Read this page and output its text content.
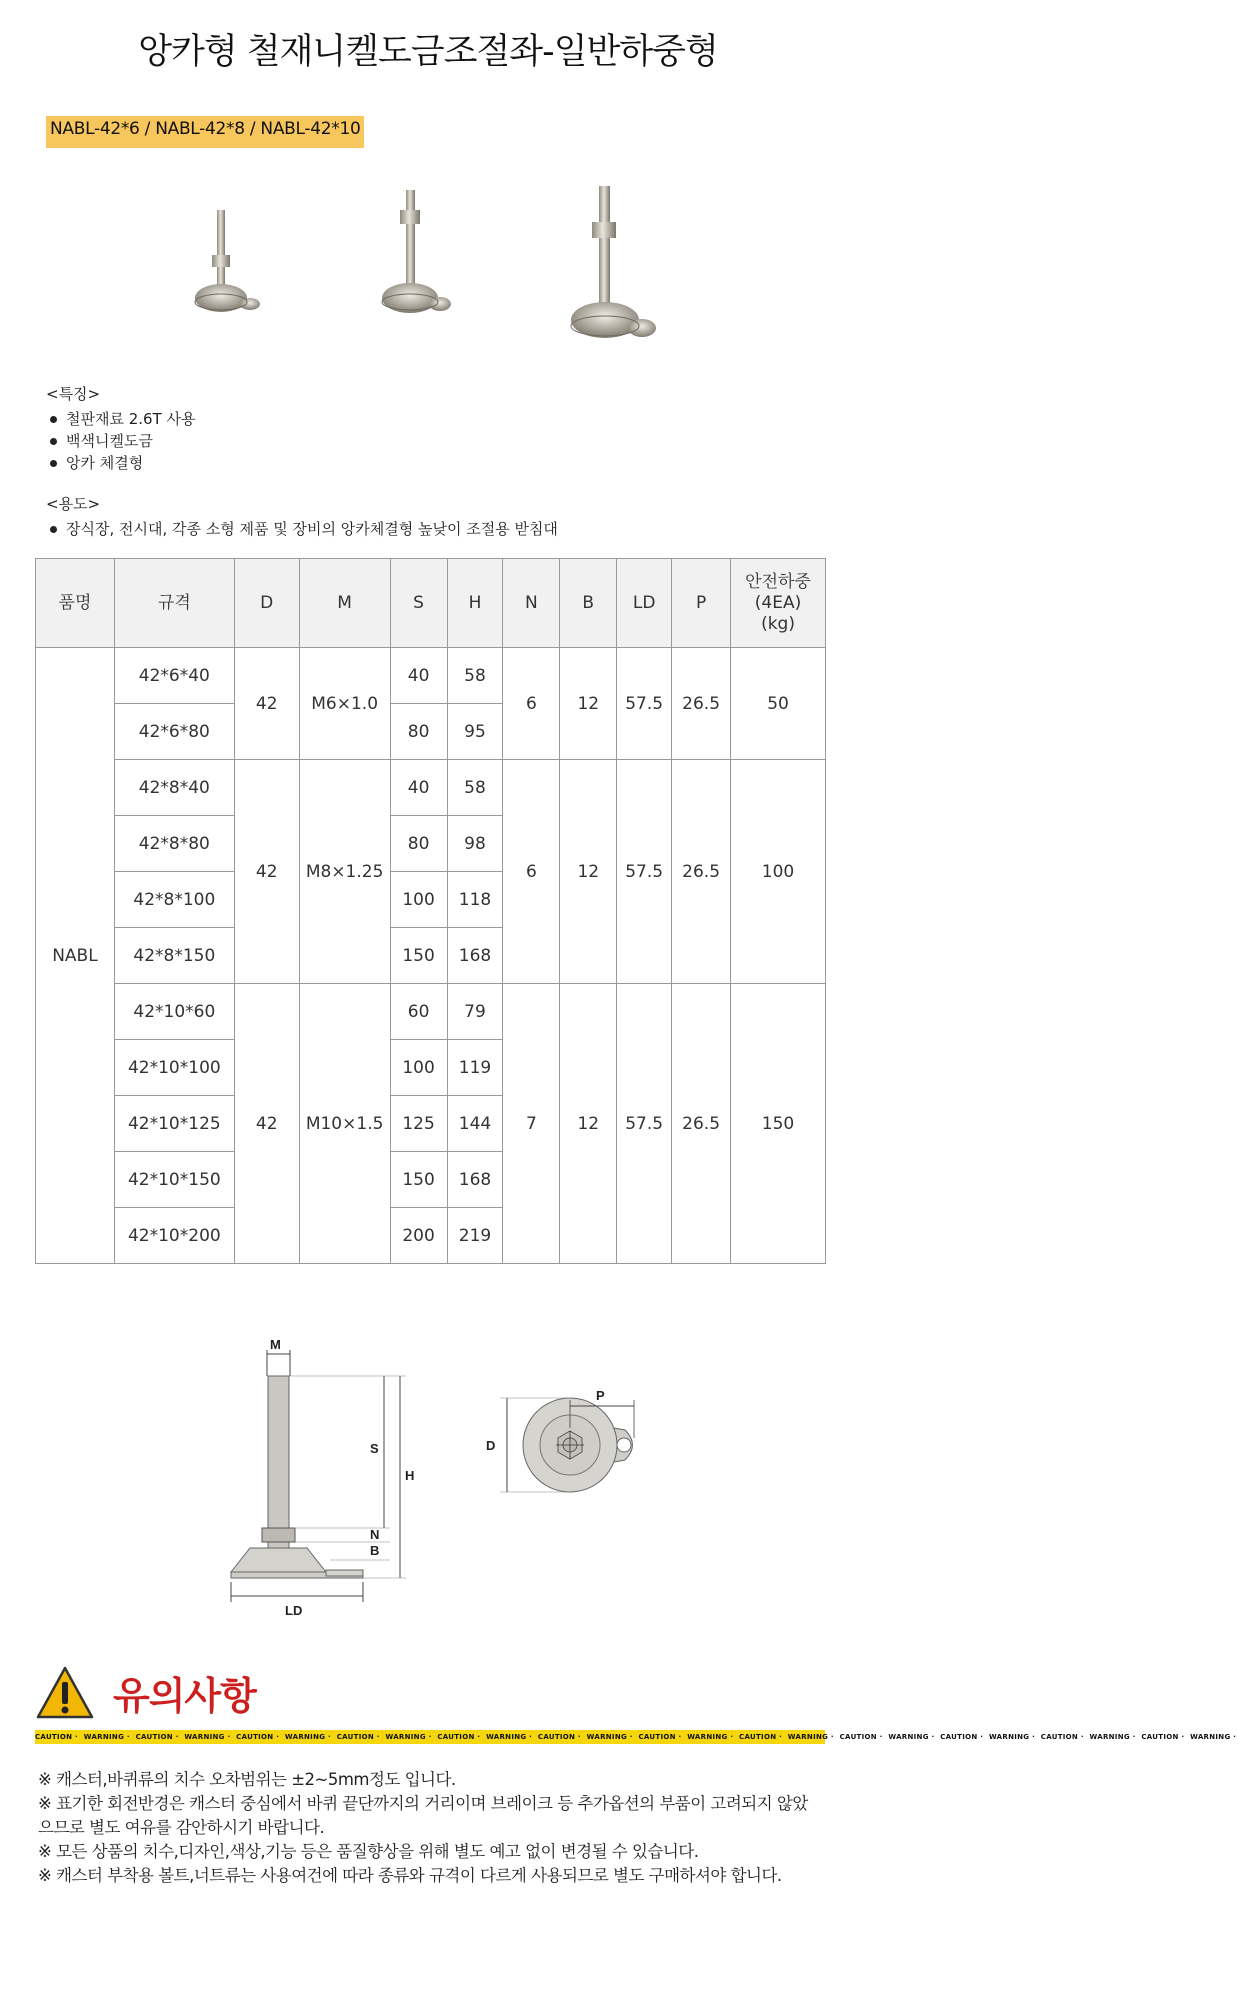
앙카형 철재니켈도금조절좌-일반하중형
NABL-42*6 / NABL-42*8 / NABL-42*10
<특징>
철판재료 2.6T 사용
백색니켈도금
앙카 체결형
<용도>
장식장, 전시대, 각종 소형 제품 및 장비의 앙카체결형 높낮이 조절용 받침대
품명	규격	D	M	S	H	N	B	LD	P	안전하중
(4EA)
(kg)
NABL	42*6*40	42	M6×1.0	40	58	6	12	57.5	26.5	50
	42*6*80			80	95					
	42*8*40	42	M8×1.25	40	58	6	12	57.5	26.5	100
	42*8*80			80	98					
	42*8*100			100	118					
	42*8*150			150	168					
	42*10*60	42	M10×1.5	60	79	7	12	57.5	26.5	150
	42*10*100			100	119					
	42*10*125			125	144					
	42*10*150			150	168					
	42*10*200			200	219					
M
S
H
N
B
LD
P
D
유의사항
CAUTION · WARNING · CAUTION · WARNING · CAUTION · WARNING · CAUTION · WARNING · CAUTION · WARNING · CAUTION · WARNING · CAUTION · WARNING · CAUTION · WARNING · CAUTION · WARNING · CAUTION · WARNING · CAUTION · WARNING · CAUTION · WARNING ·

※ 캐스터,바퀴류의 치수 오차범위는 ±2~5mm정도 입니다.

※ 표기한 회전반경은 캐스터 중심에서 바퀴 끝단까지의 거리이며 브레이크 등 추가옵션의 부품이 고려되지 않았으므로 별도 여유를 감안하시기 바랍니다.

※ 모든 상품의 치수,디자인,색상,기능 등은 품질향상을 위해 별도 예고 없이 변경될 수 있습니다.

※ 캐스터 부착용 볼트,너트류는 사용여건에 따라 종류와 규격이 다르게 사용되므로 별도 구매하셔야 합니다.
